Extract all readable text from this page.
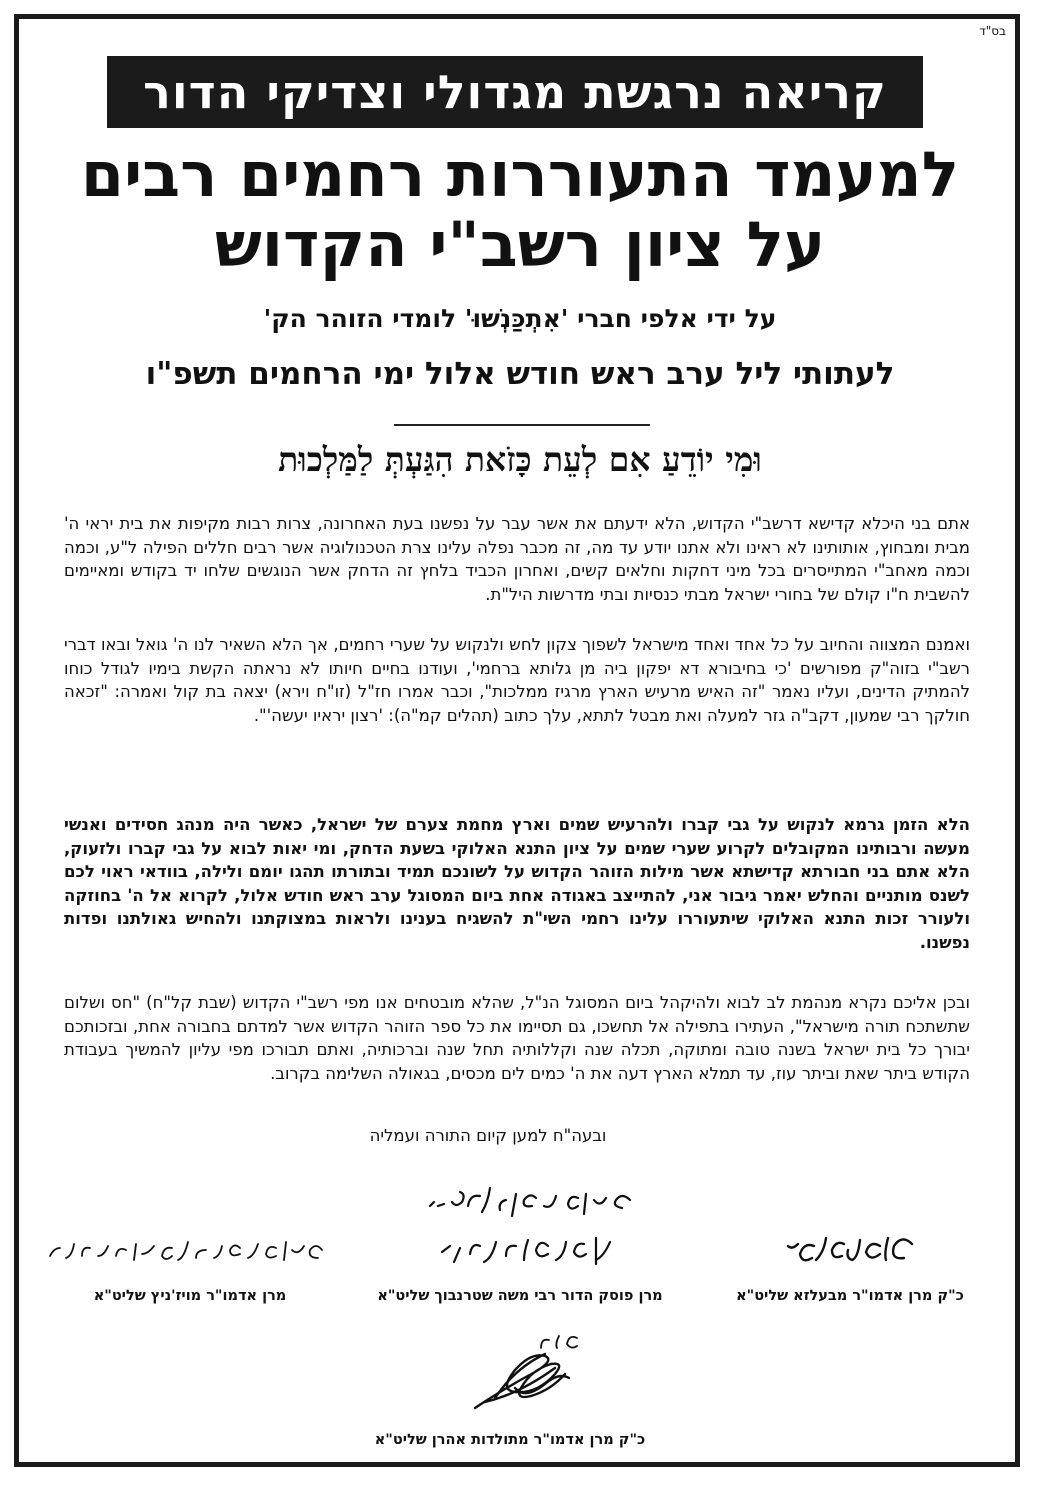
בס"ד
קריאה נרגשת מגדולי וצדיקי הדור
למעמד התעוררות רחמים רבים
על ציון רשב"י הקדוש
על ידי אלפי חברי 'אִתְכַּנְשׁוּ' לומדי הזוהר הק'
לעתותי ליל ערב ראש חודש אלול ימי הרחמים תשפ"ו
וּמִי יוֹדֵעַ אִם לְעֵת כָּזֹאת הִגַּעְתְּ לַמַּלְכוּת

אתם בני היכלא קדישא דרשב"י הקדוש, הלא ידעתם את אשר עבר על נפשנו בעת האחרונה, צרות רבות מקיפות את בית יראי ה' מבית ומבחוץ, אותותינו לא ראינו ולא אתנו יודע עד מה, זה מכבר נפלה עלינו צרת הטכנולוגיה אשר רבים חללים הפילה ל"ע, וכמה וכמה מאחב"י המתייסרים בכל מיני דחקות וחלאים קשים, ואחרון הכביד בלחץ זה הדחק אשר הנוגשים שלחו יד בקודש ומאיימים להשבית ח"ו קולם של בחורי ישראל מבתי כנסיות ובתי מדרשות היל"ת.

ואמנם המצווה והחיוב על כל אחד ואחד מישראל לשפוך צקון לחש ולנקוש על שערי רחמים, אך הלא השאיר לנו ה' גואל ובאו דברי רשב"י בזוה"ק מפורשים 'כי בחיבורא דא יפקון ביה מן גלותא ברחמי', ועודנו בחיים חיותו לא נראתה הקשת בימיו לגודל כוחו להמתיק הדינים, ועליו נאמר "זה האיש מרעיש הארץ מרגיז ממלכות", וכבר אמרו חז"ל (זו"ח וירא) יצאה בת קול ואמרה: "זכאה חולקך רבי שמעון, דקב"ה גזר למעלה ואת מבטל לתתא, עלך כתוב (תהלים קמ"ה): 'רצון יראיו יעשה'".

הלא הזמן גרמא לנקוש על גבי קברו ולהרעיש שמים וארץ מחמת צערם של ישראל, כאשר היה מנהג חסידים ואנשי מעשה ורבותינו המקובלים לקרוע שערי שמים על ציון התנא האלוקי בשעת הדחק, ומי יאות לבוא על גבי קברו ולזעוק, הלא אתם בני חבורתא קדישתא אשר מילות הזוהר הקדוש על לשונכם תמיד ובתורתו תהגו יומם ולילה, בוודאי ראוי לכם לשנס מותניים והחלש יאמר גיבור אני, להתייצב באגודה אחת ביום המסוגל ערב ראש חודש אלול, לקרוא אל ה' בחוזקה ולעורר זכות התנא האלוקי שיתעוררו עלינו רחמי השי"ת להשגיח בענינו ולראות במצוקתנו ולהחיש גאולתנו ופדות נפשנו.

ובכן אליכם נקרא מנהמת לב לבוא ולהיקהל ביום המסוגל הנ"ל, שהלא מובטחים אנו מפי רשב"י הקדוש (שבת קל"ח) "חס ושלום שתשתכח תורה מישראל", העתירו בתפילה אל תחשכו, גם תסיימו את כל ספר הזוהר הקדוש אשר למדתם בחבורה אחת, ובזכותכם יבורך כל בית ישראל בשנה טובה ומתוקה, תכלה שנה וקללותיה תחל שנה וברכותיה, ואתם תבורכו מפי עליון להמשיך בעבודת הקודש ביתר שאת וביתר עוז, עד תמלא הארץ דעה את ה' כמים לים מכסים, בגאולה השלימה בקרוב.

ובעה"ח למען קיום התורה ועמליה
כ"ק מרן אדמו"ר מבעלזא שליט"א
מרן פוסק הדור רבי משה שטרנבוך שליט"א
מרן אדמו"ר מויז'ניץ שליט"א
כ"ק מרן אדמו"ר מתולדות אהרן שליט"א
